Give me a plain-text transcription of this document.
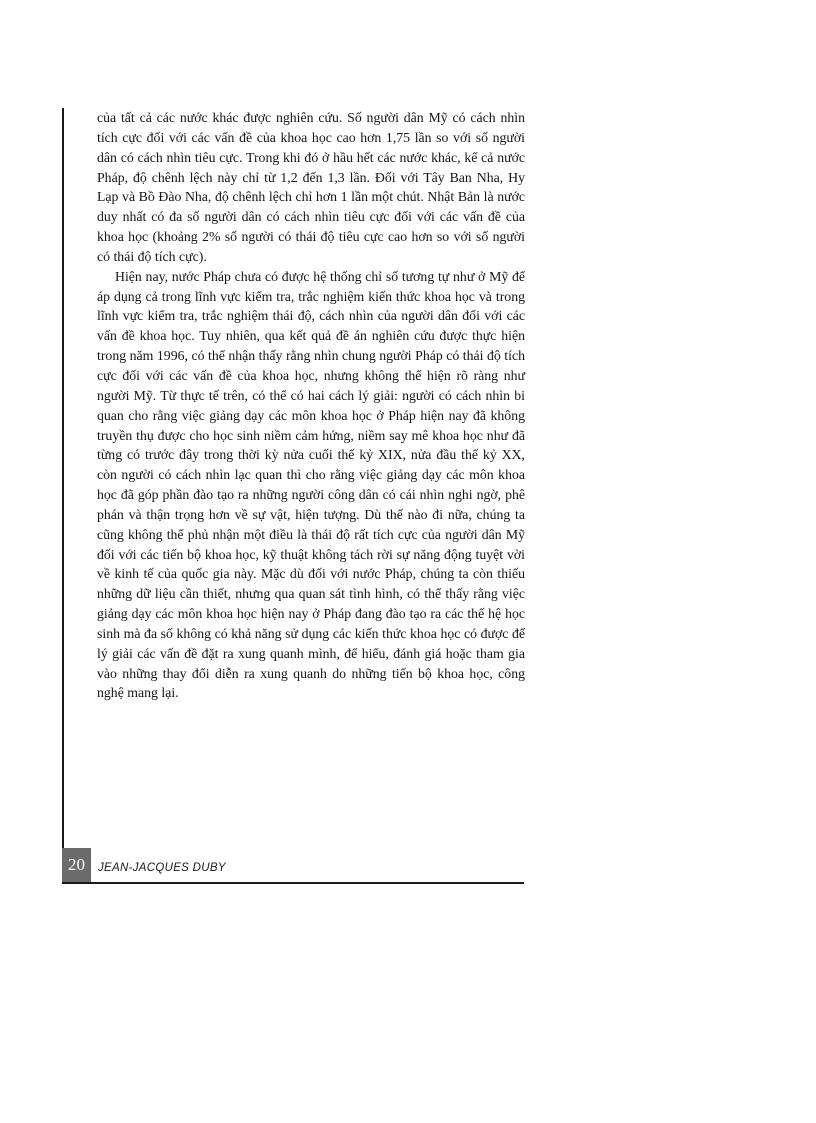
của tất cả các nước khác được nghiên cứu. Số người dân Mỹ có cách nhìn tích cực đối với các vấn đề của khoa học cao hơn 1,75 lần so với số người dân có cách nhìn tiêu cực. Trong khi đó ở hầu hết các nước khác, kể cả nước Pháp, độ chênh lệch này chỉ từ 1,2 đến 1,3 lần. Đối với Tây Ban Nha, Hy Lạp và Bồ Đào Nha, độ chênh lệch chỉ hơn 1 lần một chút. Nhật Bản là nước duy nhất có đa số người dân có cách nhìn tiêu cực đối với các vấn đề của khoa học (khoảng 2% số người có thái độ tiêu cực cao hơn so với số người có thái độ tích cực).

Hiện nay, nước Pháp chưa có được hệ thống chỉ số tương tự như ở Mỹ để áp dụng cả trong lĩnh vực kiểm tra, trắc nghiệm kiến thức khoa học và trong lĩnh vực kiểm tra, trắc nghiệm thái độ, cách nhìn của người dân đối với các vấn đề khoa học. Tuy nhiên, qua kết quả đề án nghiên cứu được thực hiện trong năm 1996, có thể nhận thấy rằng nhìn chung người Pháp có thái độ tích cực đối với các vấn đề của khoa học, nhưng không thể hiện rõ ràng như người Mỹ. Từ thực tế trên, có thể có hai cách lý giải: người có cách nhìn bi quan cho rằng việc giảng dạy các môn khoa học ở Pháp hiện nay đã không truyền thụ được cho học sinh niềm cảm hứng, niềm say mê khoa học như đã từng có trước đây trong thời kỳ nửa cuối thế kỷ XIX, nửa đầu thế kỷ XX, còn người có cách nhìn lạc quan thì cho rằng việc giảng dạy các môn khoa học đã góp phần đào tạo ra những người công dân có cái nhìn nghi ngờ, phê phán và thận trọng hơn về sự vật, hiện tượng. Dù thế nào đi nữa, chúng ta cũng không thể phủ nhận một điều là thái độ rất tích cực của người dân Mỹ đối với các tiến bộ khoa học, kỹ thuật không tách rời sự năng động tuyệt vời về kinh tế của quốc gia này. Mặc dù đối với nước Pháp, chúng ta còn thiếu những dữ liệu cần thiết, nhưng qua quan sát tình hình, có thể thấy rằng việc giảng dạy các môn khoa học hiện nay ở Pháp đang đào tạo ra các thế hệ học sinh mà đa số không có khả năng sử dụng các kiến thức khoa học có được để lý giải các vấn đề đặt ra xung quanh mình, để hiểu, đánh giá hoặc tham gia vào những thay đổi diễn ra xung quanh do những tiến bộ khoa học, công nghệ mang lại.

20	JEAN-JACQUES DUBY
